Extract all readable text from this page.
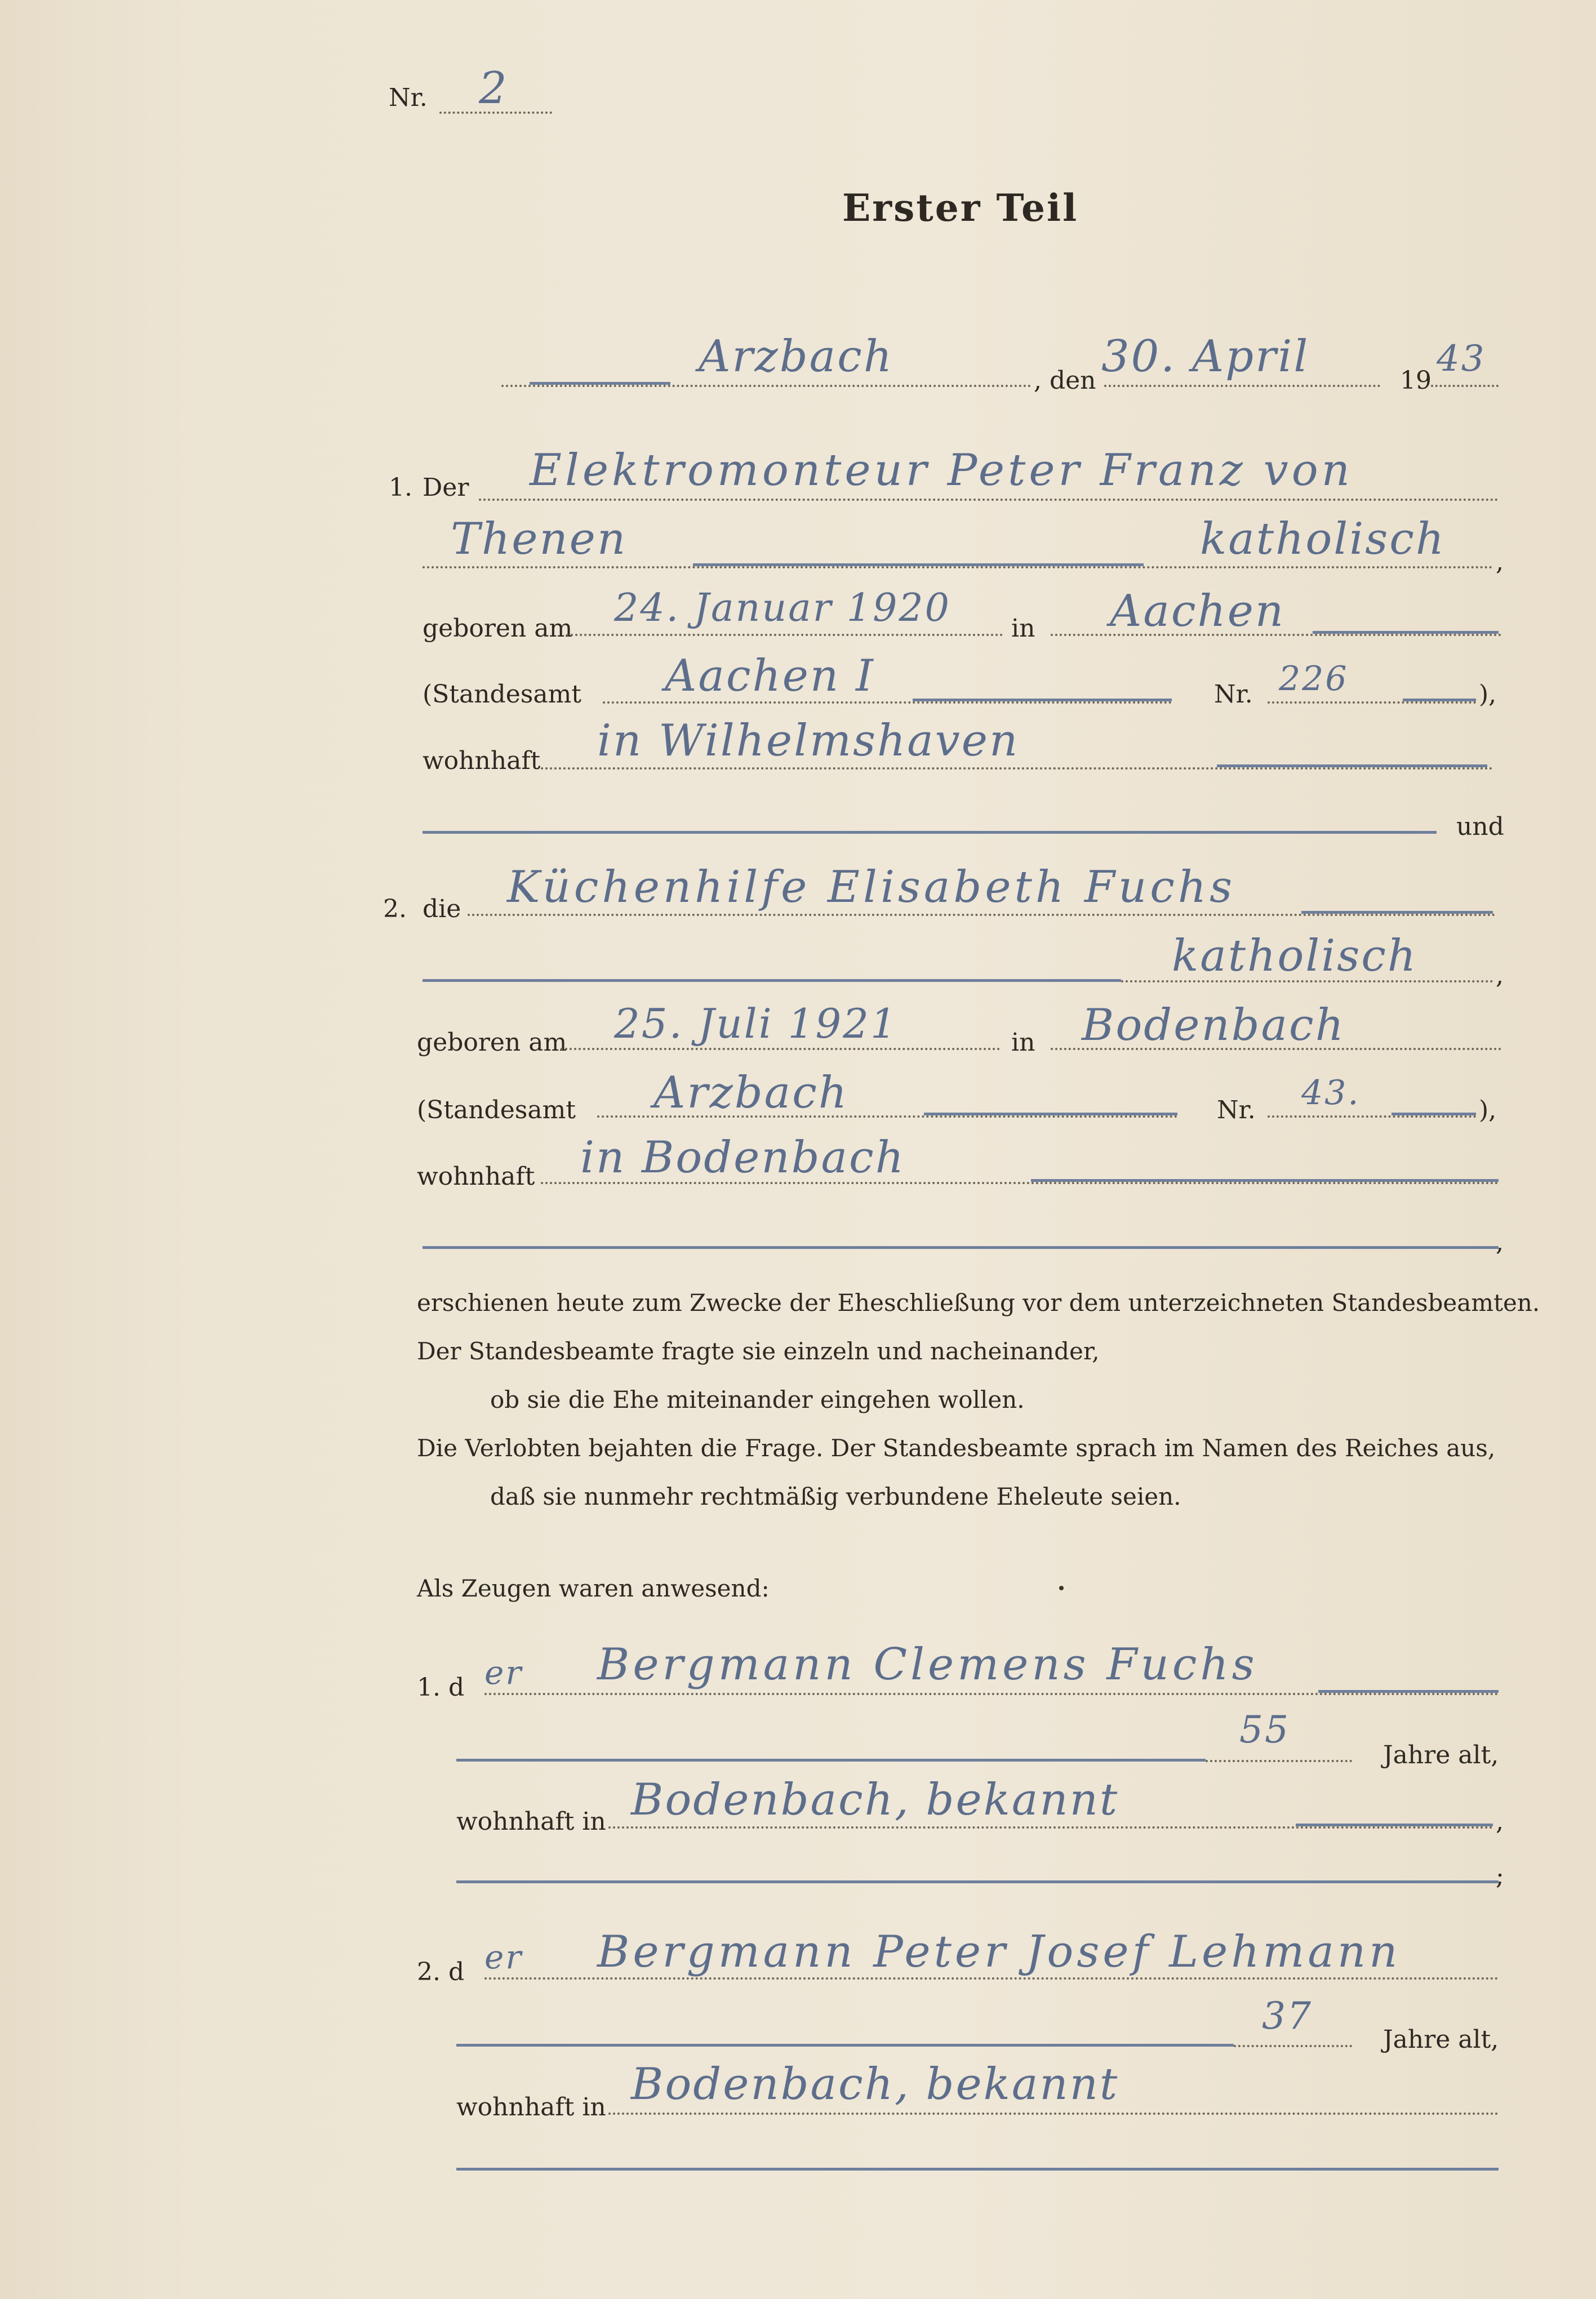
Nr. 2
Erster Teil
Arzbach	, den 30. April	19
43
1. Der Elektromonteur Peter Franz von
Thenen	katholisch ,
geboren am 24. Januar 1920 in Aachen
(Standesamt Aachen I	Nr. 226	),
wohnhaft in Wilhelmshaven
und
2. die Küchenhilfe Elisabeth Fuchs
katholisch	,
geboren am 25. Juli 1921	in Bodenbach
(Standesamt Arzbach	Nr. 43.	),
wohnhaft in Bodenbach
,
erschienen heute zum Zwecke der Eheschließung vor dem unterzeichneten Standesbeamten.
Der Standesbeamte fragte sie einzeln und nacheinander,
ob sie die Ehe miteinander eingehen wollen.
Die Verlobten bejahten die Frage. Der Standesbeamte sprach im Namen des Reiches aus,
daß sie nunmehr rechtmäßig verbundene Eheleute seien.
Als Zeugen waren anwesend:
1. d er Bergmann Clemens Fuchs
55
Jahre alt,
wohnhaft in Bodenbach, bekannt	,
;
2. d er Bergmann Peter Josef Lehmann
37
Jahre alt,
wohnhaft in Bodenbach, bekannt
